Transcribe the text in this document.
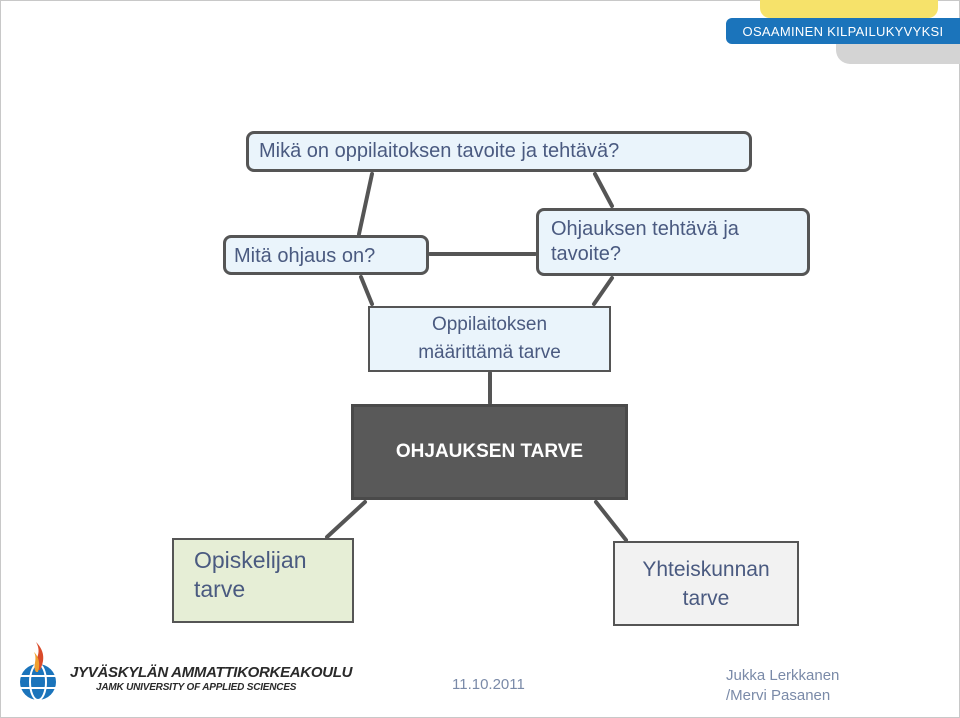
OSAAMINEN KILPAILUKYVYKSI
Mikä on oppilaitoksen tavoite ja tehtävä?
Mitä ohjaus on?
Ohjauksen tehtävä ja
tavoite?
Oppilaitoksen
määrittämä tarve
OHJAUKSEN TARVE
Opiskelijan
tarve
Yhteiskunnan
tarve
JYVÄSKYLÄN AMMATTIKORKEAKOULU
JAMK UNIVERSITY OF APPLIED SCIENCES	11.10.2011
Jukka Lerkkanen
/Mervi Pasanen
